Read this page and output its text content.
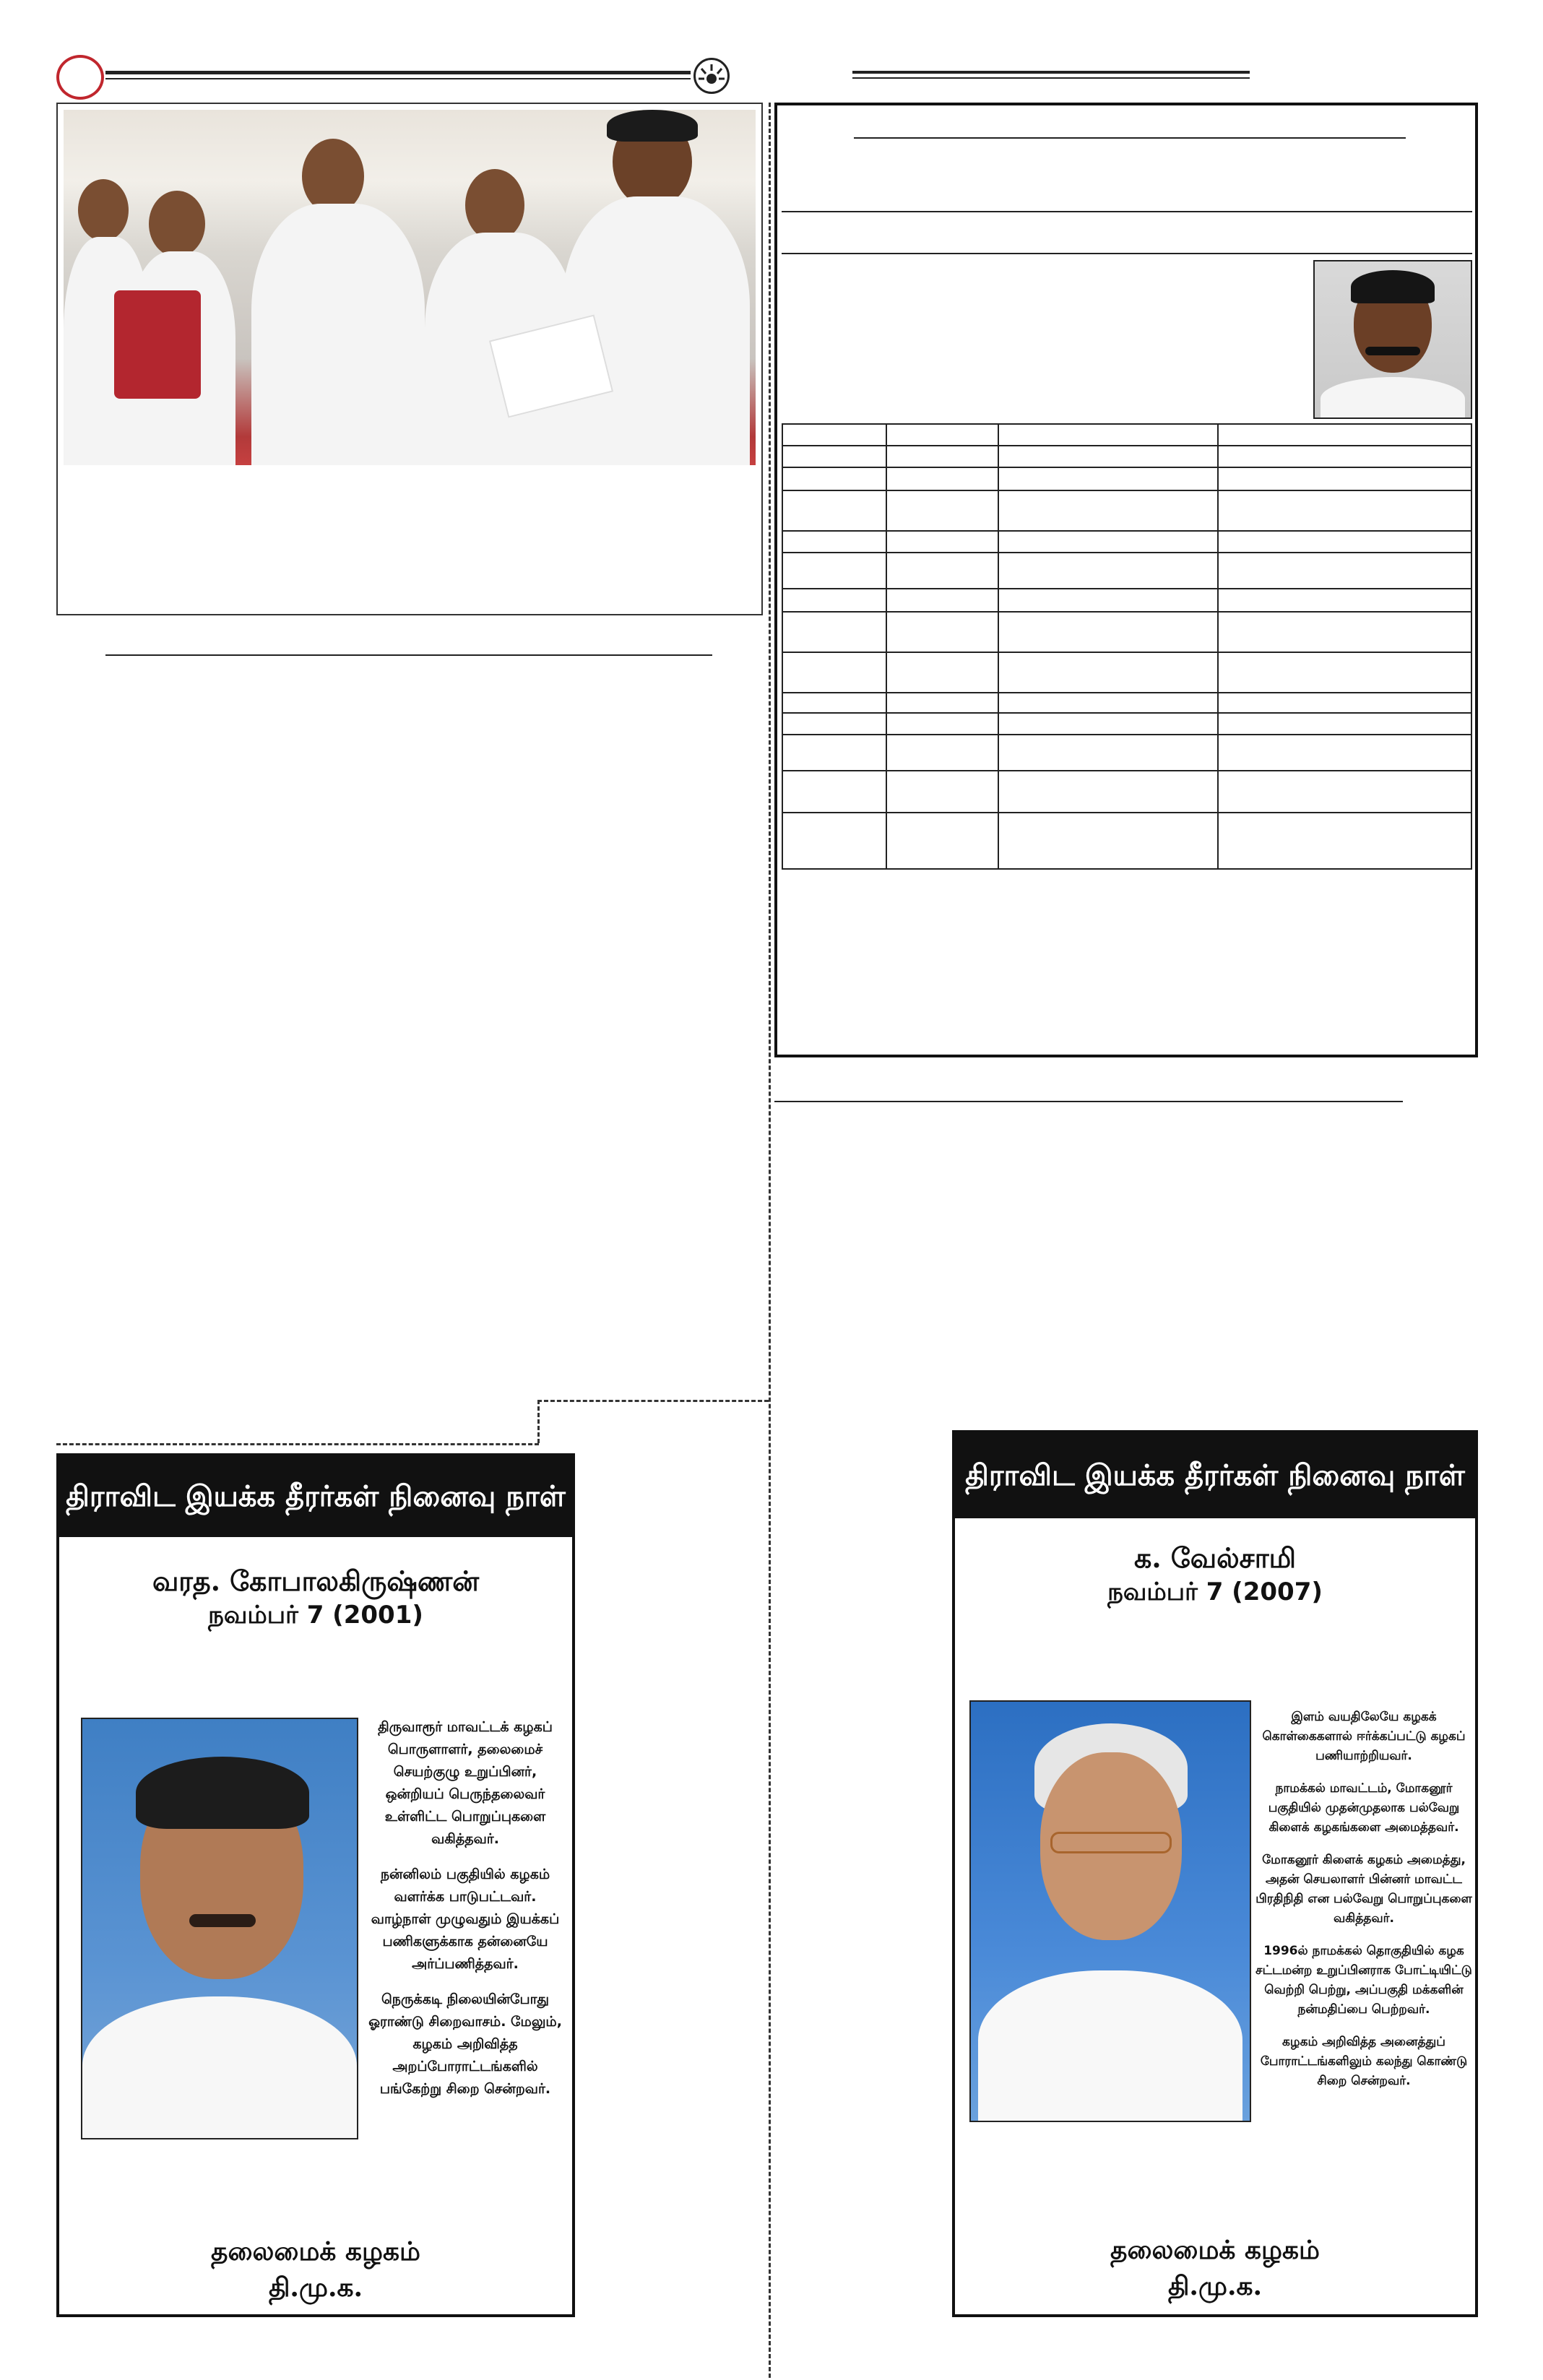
திராவிட இயக்க தீரர்கள் நினைவு நாள்
வரத. கோபாலகிருஷ்ணன்
நவம்பர் 7 (2001)

திருவாரூர் மாவட்டக் கழகப் பொருளாளர், தலைமைச் செயற்குழு உறுப்பினர், ஒன்றியப் பெருந்தலைவர் உள்ளிட்ட பொறுப்புகளை வகித்தவர்.

நன்னிலம் பகுதியில் கழகம் வளர்க்க பாடுபட்டவர். வாழ்நாள் முழுவதும் இயக்கப் பணிகளுக்காக தன்னையே அர்ப்பணித்தவர்.

நெருக்கடி நிலையின்போது ஓராண்டு சிறைவாசம். மேலும், கழகம் அறிவித்த அறப்போராட்டங்களில் பங்கேற்று சிறை சென்றவர்.

தலைமைக் கழகம்
தி.மு.க.
திராவிட இயக்க தீரர்கள் நினைவு நாள்
க. வேல்சாமி
நவம்பர் 7 (2007)

இளம் வயதிலேயே கழகக் கொள்கைகளால் ஈர்க்கப்பட்டு கழகப் பணியாற்றியவர்.

நாமக்கல் மாவட்டம், மோகனூர் பகுதியில் முதன்முதலாக பல்வேறு கிளைக் கழகங்களை அமைத்தவர்.

மோகனூர் கிளைக் கழகம் அமைத்து, அதன் செயலாளர் பின்னர் மாவட்ட பிரதிநிதி என பல்வேறு பொறுப்புகளை வகித்தவர்.

1996ல் நாமக்கல் தொகுதியில் கழக சட்டமன்ற உறுப்பினராக போட்டியிட்டு வெற்றி பெற்று, அப்பகுதி மக்களின் நன்மதிப்பை பெற்றவர்.

கழகம் அறிவித்த அனைத்துப் போராட்டங்களிலும் கலந்து கொண்டு சிறை சென்றவர்.

தலைமைக் கழகம்
தி.மு.க.
